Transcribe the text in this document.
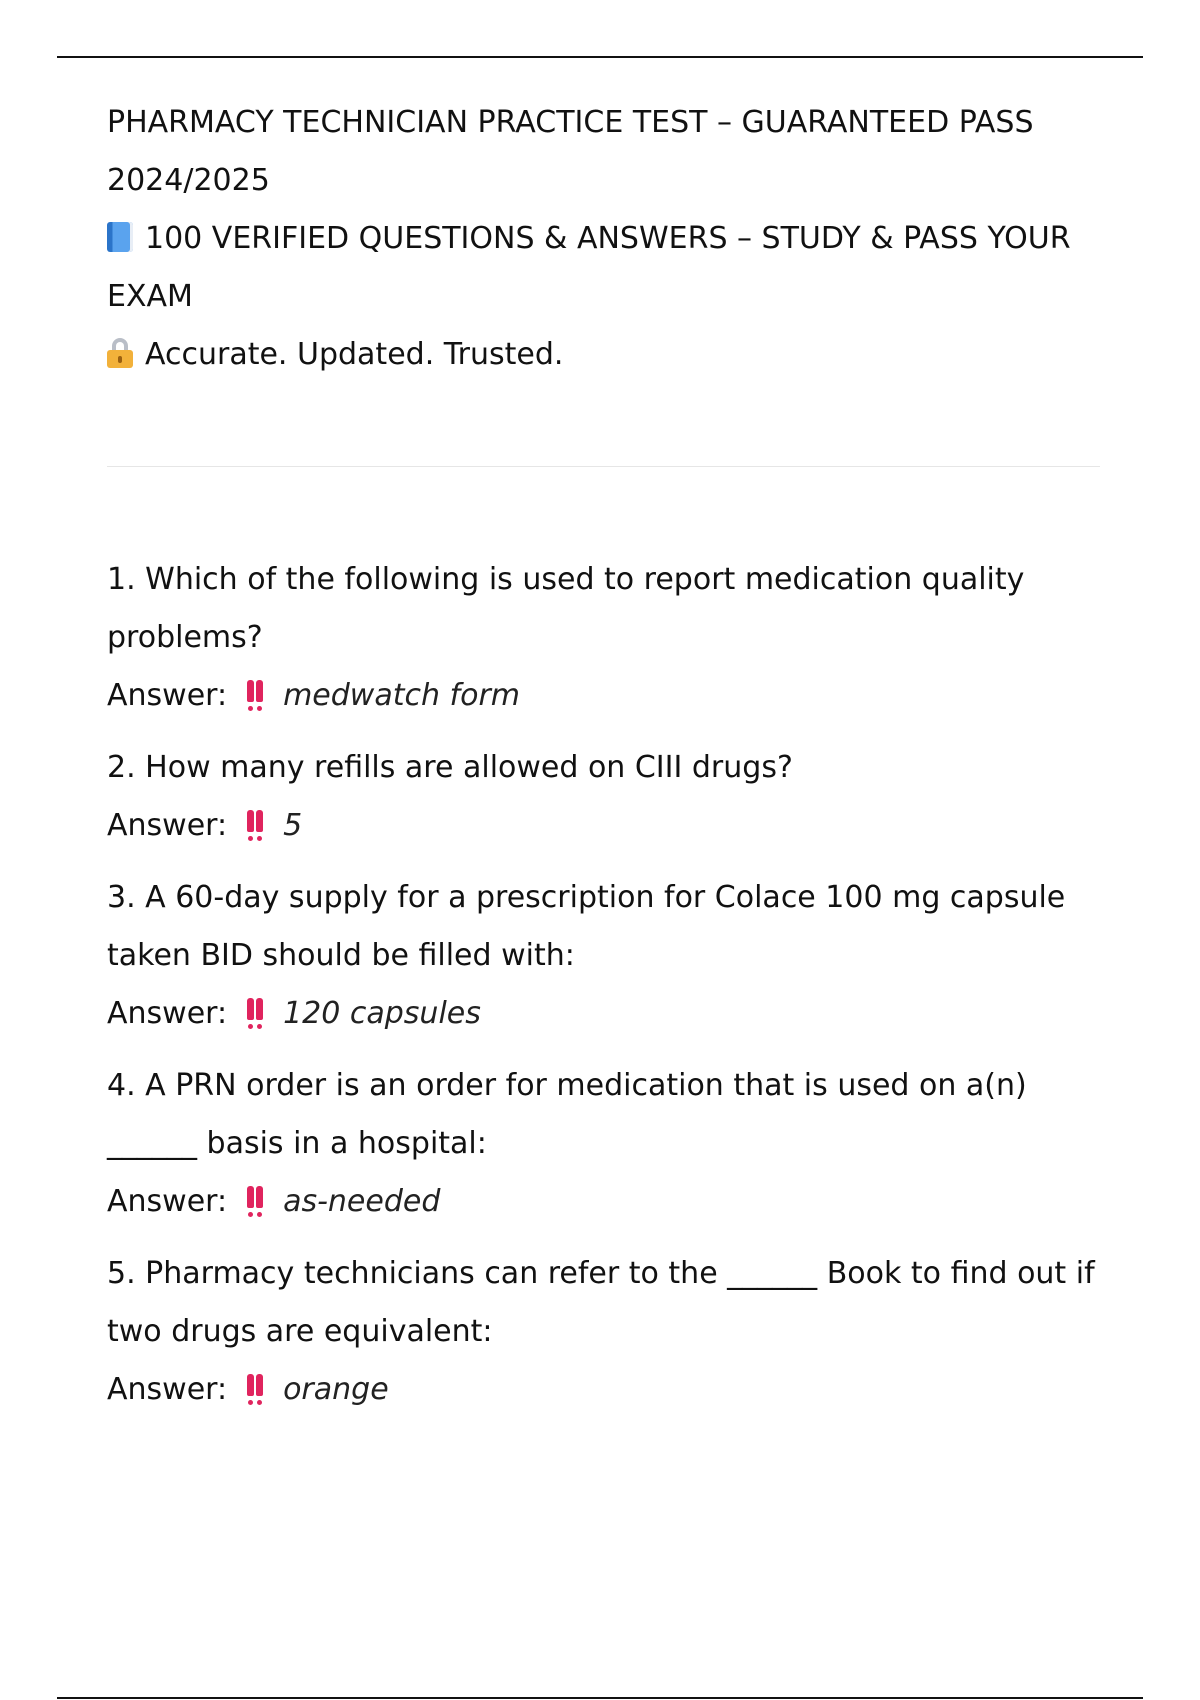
PHARMACY TECHNICIAN PRACTICE TEST – GUARANTEED PASS
2024/2025

100 VERIFIED QUESTIONS & ANSWERS – STUDY & PASS YOUR
EXAM

Accurate. Updated. Trusted.

1. Which of the following is used to report medication quality
problems?

Answer: medwatch form

2. How many refills are allowed on CIII drugs?

Answer: 5

3. A 60-day supply for a prescription for Colace 100 mg capsule
taken BID should be filled with:

Answer: 120 capsules

4. A PRN order is an order for medication that is used on a(n)
______ basis in a hospital:

Answer: as-needed

5. Pharmacy technicians can refer to the ______ Book to find out if
two drugs are equivalent:

Answer: orange
